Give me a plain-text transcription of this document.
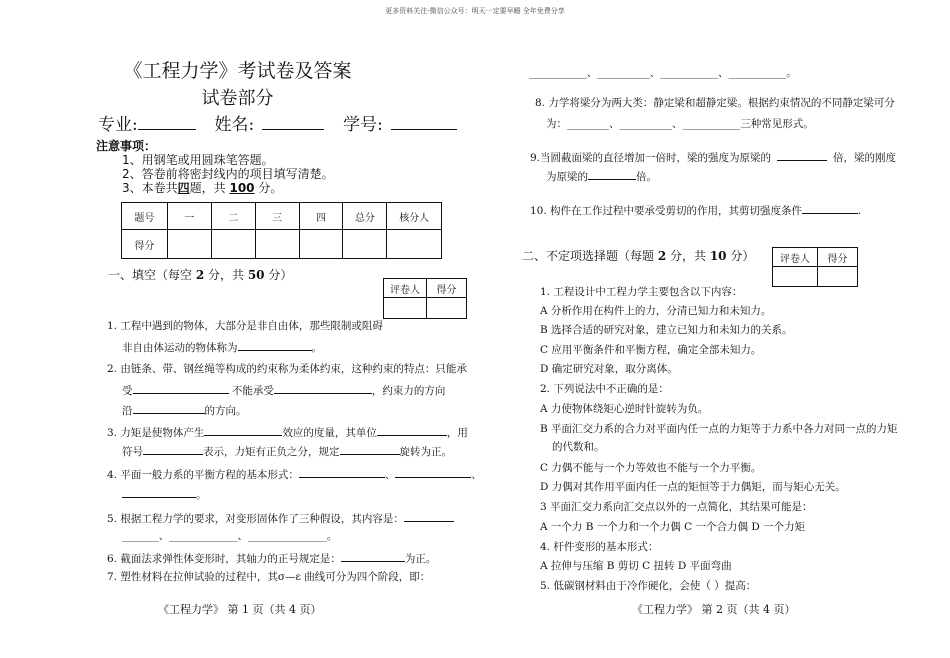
更多资料关注-微信公众号：明天一定要早睡 全年免费分享
《工程力学》考试卷及答案
试卷部分
专业:	姓名:	学号:
注意事项：
1、用钢笔或用圆珠笔答题。
2、答卷前将密封线内的项目填写清楚。
3、本卷共四题，共 100 分。
题号	一	二	三	四	总分	核分人
得分						
一、填空（每空 2 分，共 50 分）
评卷人	得分

1. 工程中遇到的物体，大部分是非自由体，那些限制或阻碍
非自由体运动的物体称为	。
2. 由链条、带、钢丝绳等构成的约束称为柔体约束，这种约束的特点：只能承
受	不能承受	，约束力的方向
沿	的方向。
3. 力矩是使物体产生	效应的度量，其单位	，用
符号	表示，力矩有正负之分，规定	旋转为正。
4. 平面一般力系的平衡方程的基本形式：	、	、
。
5. 根据工程力学的要求，对变形固体作了三种假设，其内容是：
_______、_____________、_______________。
6. 截面法求弹性体变形时，其轴力的正号规定是：	为正。
7. 塑性材料在拉伸试验的过程中，其σ—ε 曲线可分为四个阶段，即：
《工程力学》 第 1 页（共 4 页）
___________、__________、___________、___________。
8. 力学将梁分为两大类：静定梁和超静定梁。根据约束情况的不同静定梁可分
为：________、__________、___________三种常见形式。
9.当圆截面梁的直径增加一倍时，梁的强度为原梁的	倍，梁的刚度
为原梁的	倍。
10. 构件在工作过程中要承受剪切的作用，其剪切强度条件	.
二、不定项选择题（每题 2 分，共 10 分）	评卷人	得分

1. 工程设计中工程力学主要包含以下内容：
A 分析作用在构件上的力，分清已知力和未知力。
B 选择合适的研究对象，建立已知力和未知力的关系。
C 应用平衡条件和平衡方程，确定全部未知力。
D 确定研究对象，取分离体。
2. 下列说法中不正确的是：
A 力使物体绕矩心逆时针旋转为负。
B 平面汇交力系的合力对平面内任一点的力矩等于力系中各力对同一点的力矩
的代数和。
C 力偶不能与一个力等效也不能与一个力平衡。
D 力偶对其作用平面内任一点的矩恒等于力偶矩，而与矩心无关。
3 平面汇交力系向汇交点以外的一点简化，其结果可能是：
A 一个力 B 一个力和一个力偶 C 一个合力偶 D 一个力矩
4. 杆件变形的基本形式：
A 拉伸与压缩 B 剪切 C 扭转 D 平面弯曲
5. 低碳钢材料由于冷作硬化，会使（ ）提高：
《工程力学》 第 2 页（共 4 页）
